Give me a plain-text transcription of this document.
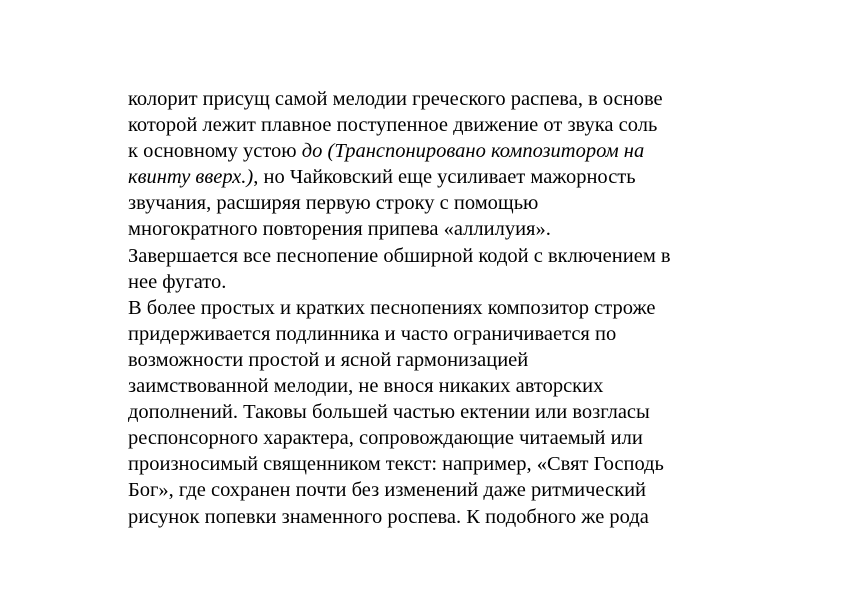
колорит присущ самой мелодии греческого распева, в основе
которой лежит плавное поступенное движение от звука соль
к основному устою до (Транспонировано композитором на
квинту вверх.), но Чайковский еще усиливает мажорность
звучания, расширяя первую строку с помощью
многократного повторения припева «аллилуия».
Завершается все песнопение обширной кодой с включением в
нее фугато.
В более простых и кратких песнопениях композитор строже
придерживается подлинника и часто ограничивается по
возможности простой и ясной гармонизацией
заимствованной мелодии, не внося никаких авторских
дополнений. Таковы большей частью ектении или возгласы
респонсорного характера, сопровождающие читаемый или
произносимый священником текст: например, «Свят Господь
Бог», где сохранен почти без изменений даже ритмический
рисунок попевки знаменного роспева. К подобного же рода
